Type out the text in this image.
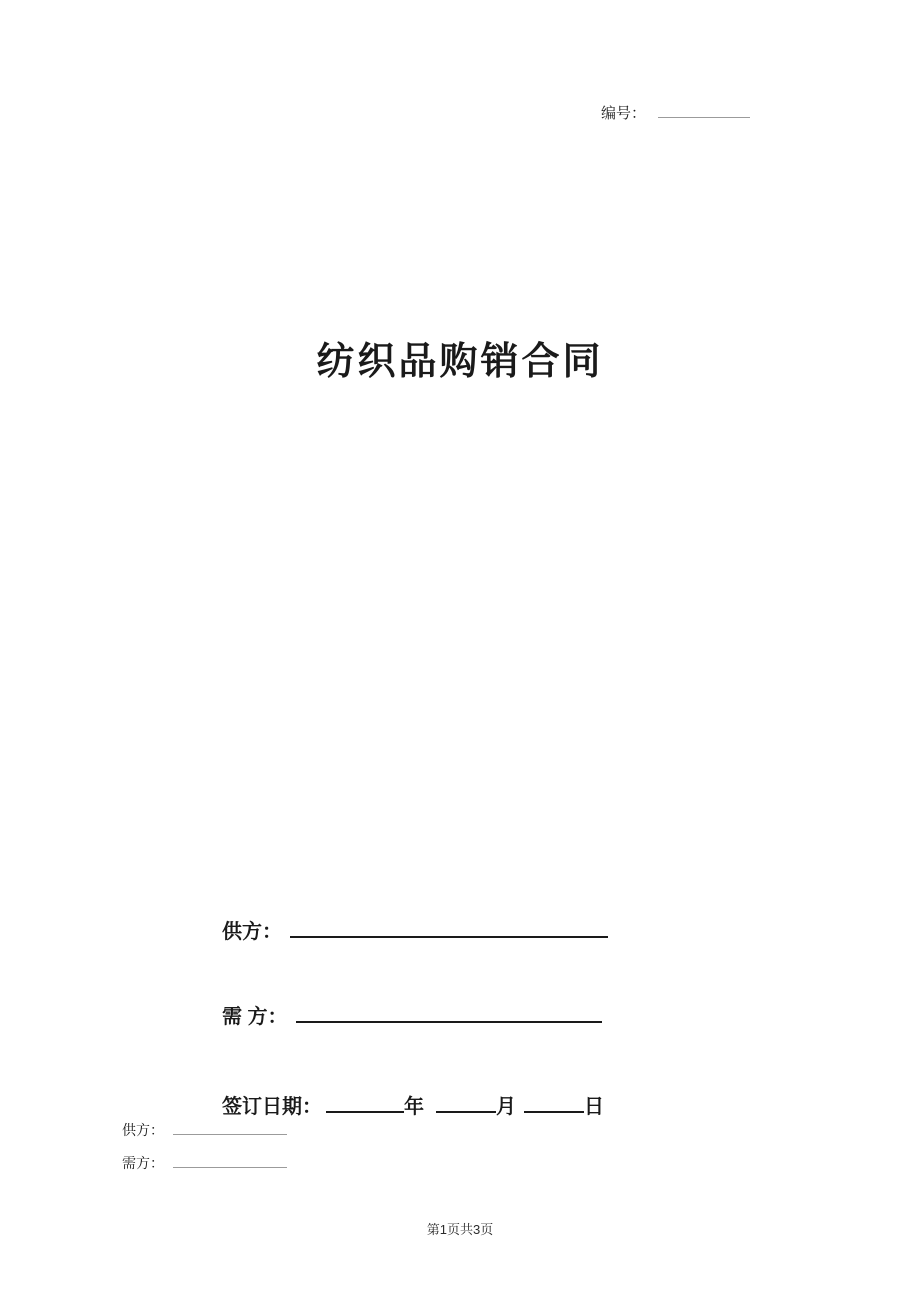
编号：
纺织品购销合同
供方：
需 方：
签订日期：	年	月	日
供方：
需方：
第1页共3页
